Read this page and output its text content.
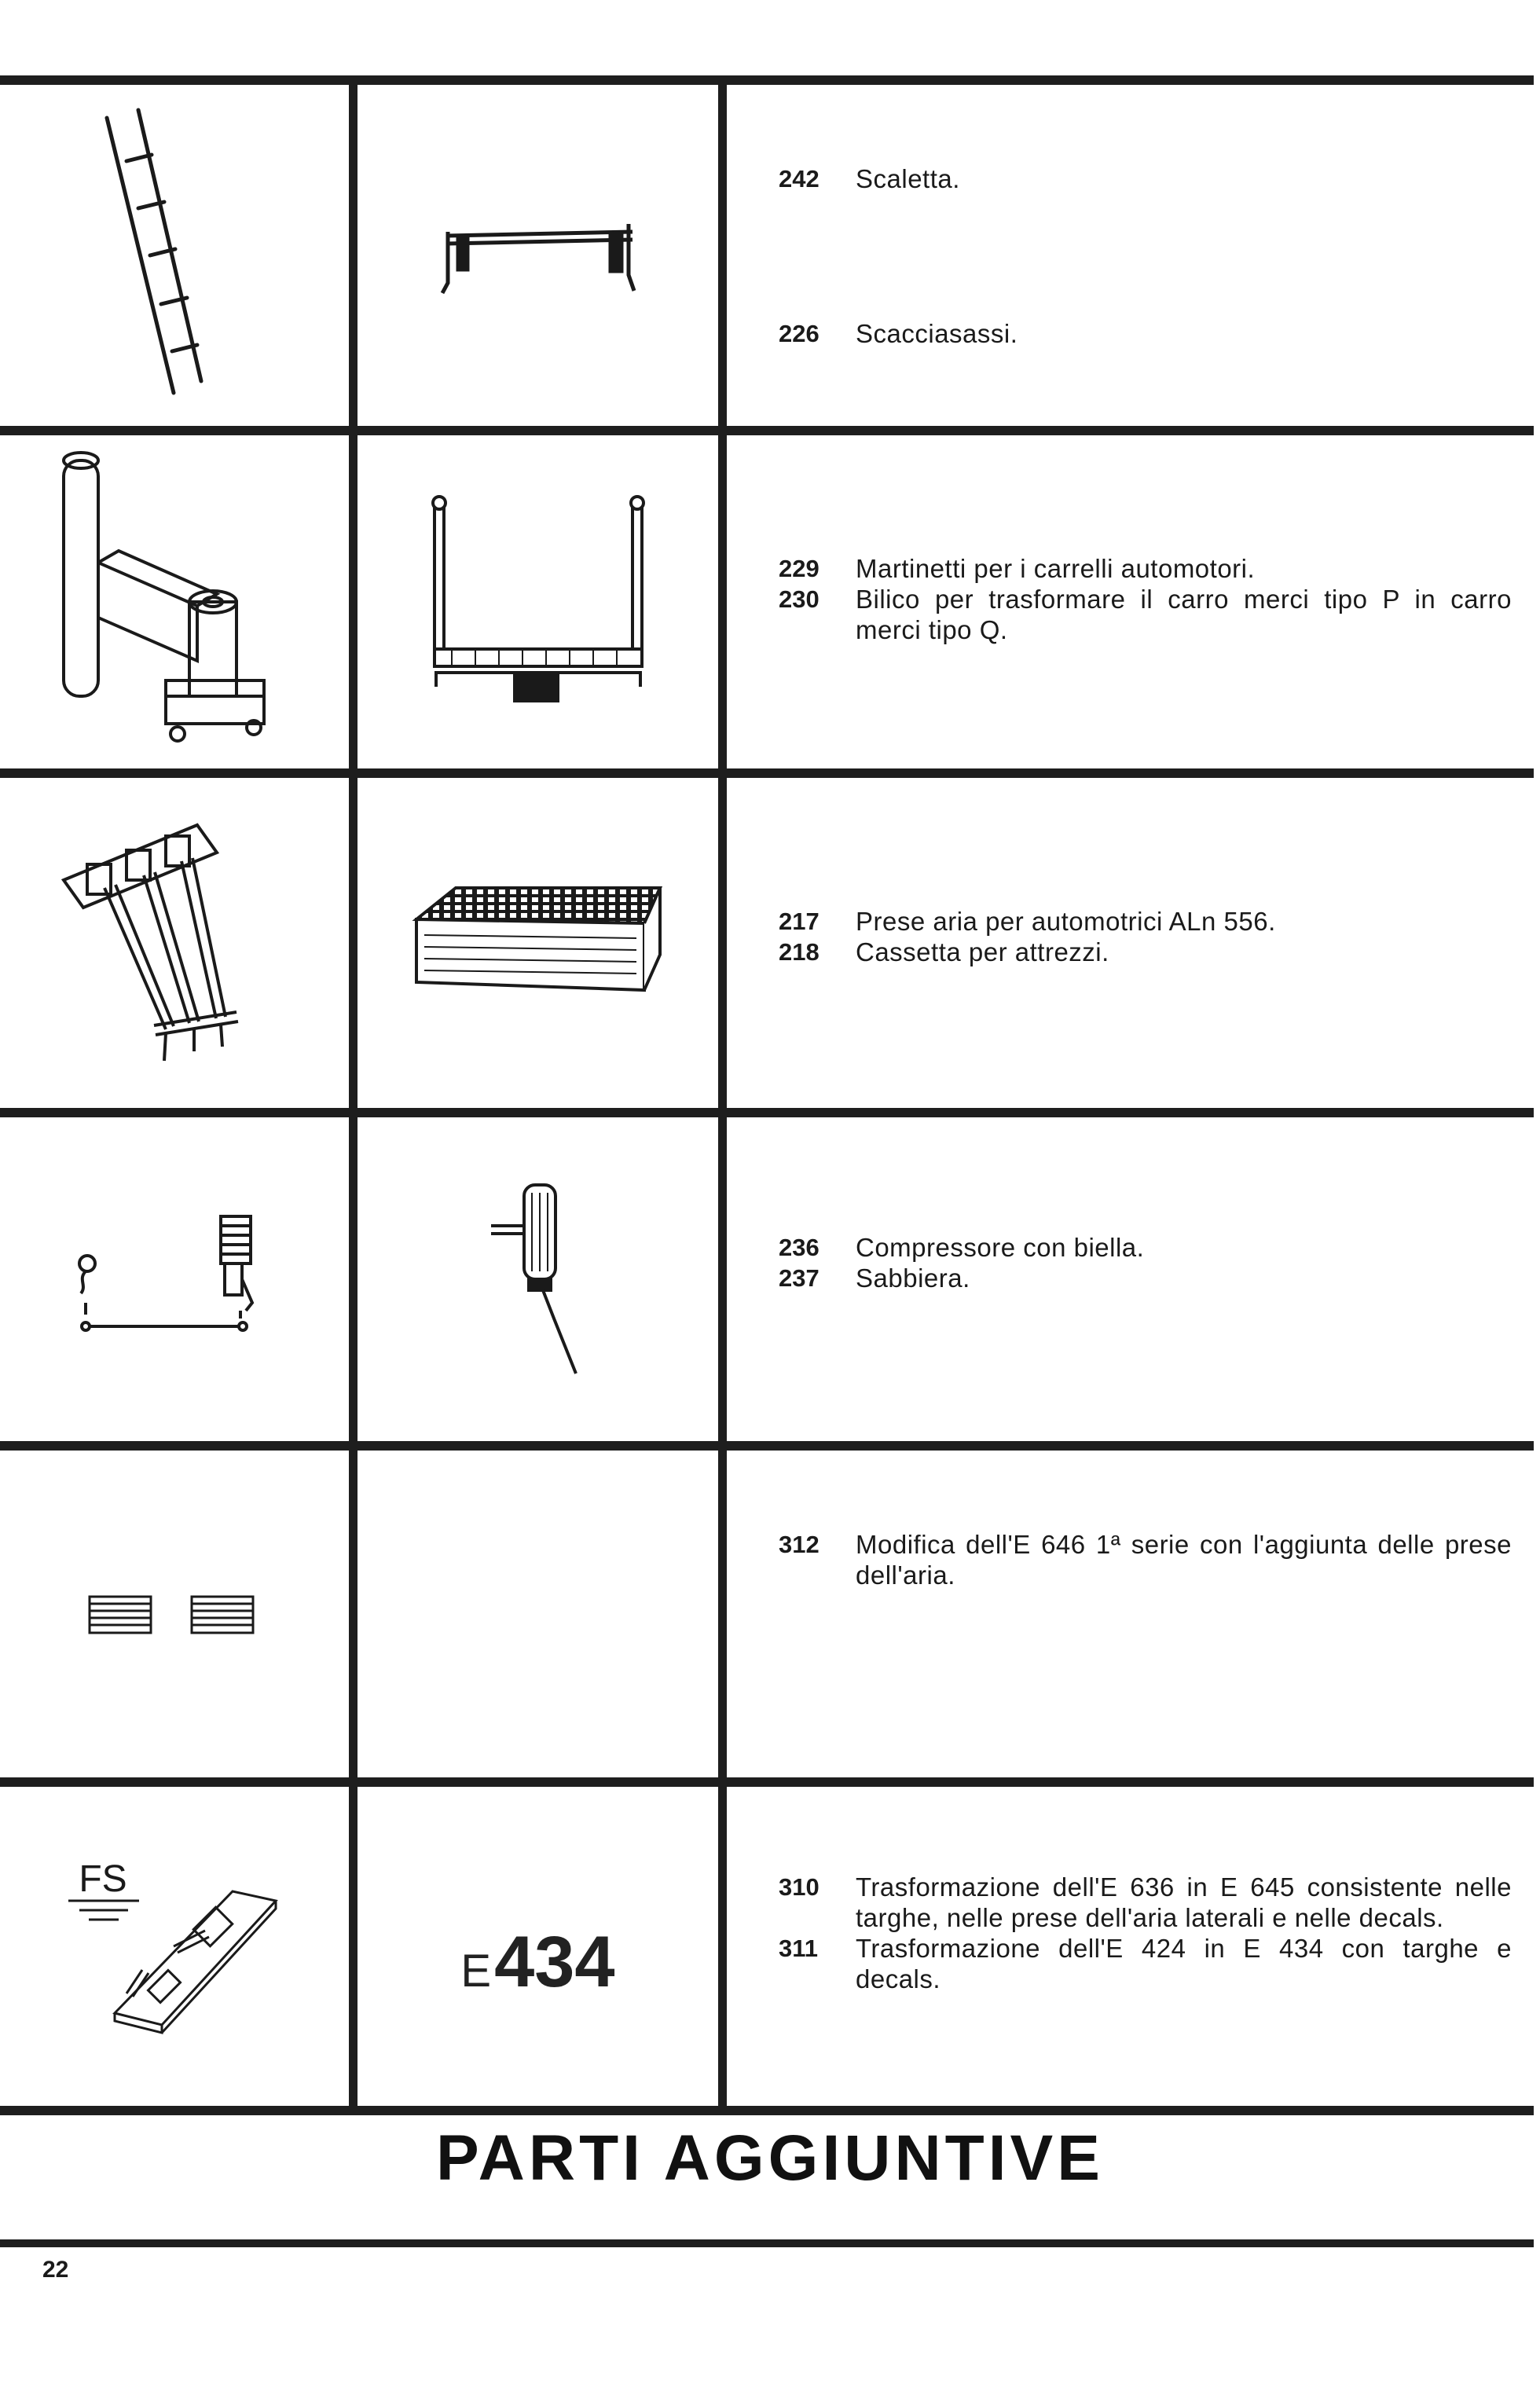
242	Scaletta.

226	Scacciasassi.

229	Martinetti per i carrelli automotori.

230	Bilico per trasformare il carro merci tipo P in carro merci tipo Q.

217	Prese aria per automotrici ALn 556.

218	Cassetta per attrezzi.

236	Compressore con biella.

237	Sabbiera.

312	Modifica dell'E 646 1ª serie con l'aggiunta delle prese dell'aria.

FS
E434

310	Trasformazione dell'E 636 in E 645 consistente nelle targhe, nelle prese dell'aria laterali e nelle decals.

311	Trasformazione dell'E 424 in E 434 con targhe e decals.

PARTI AGGIUNTIVE
22
